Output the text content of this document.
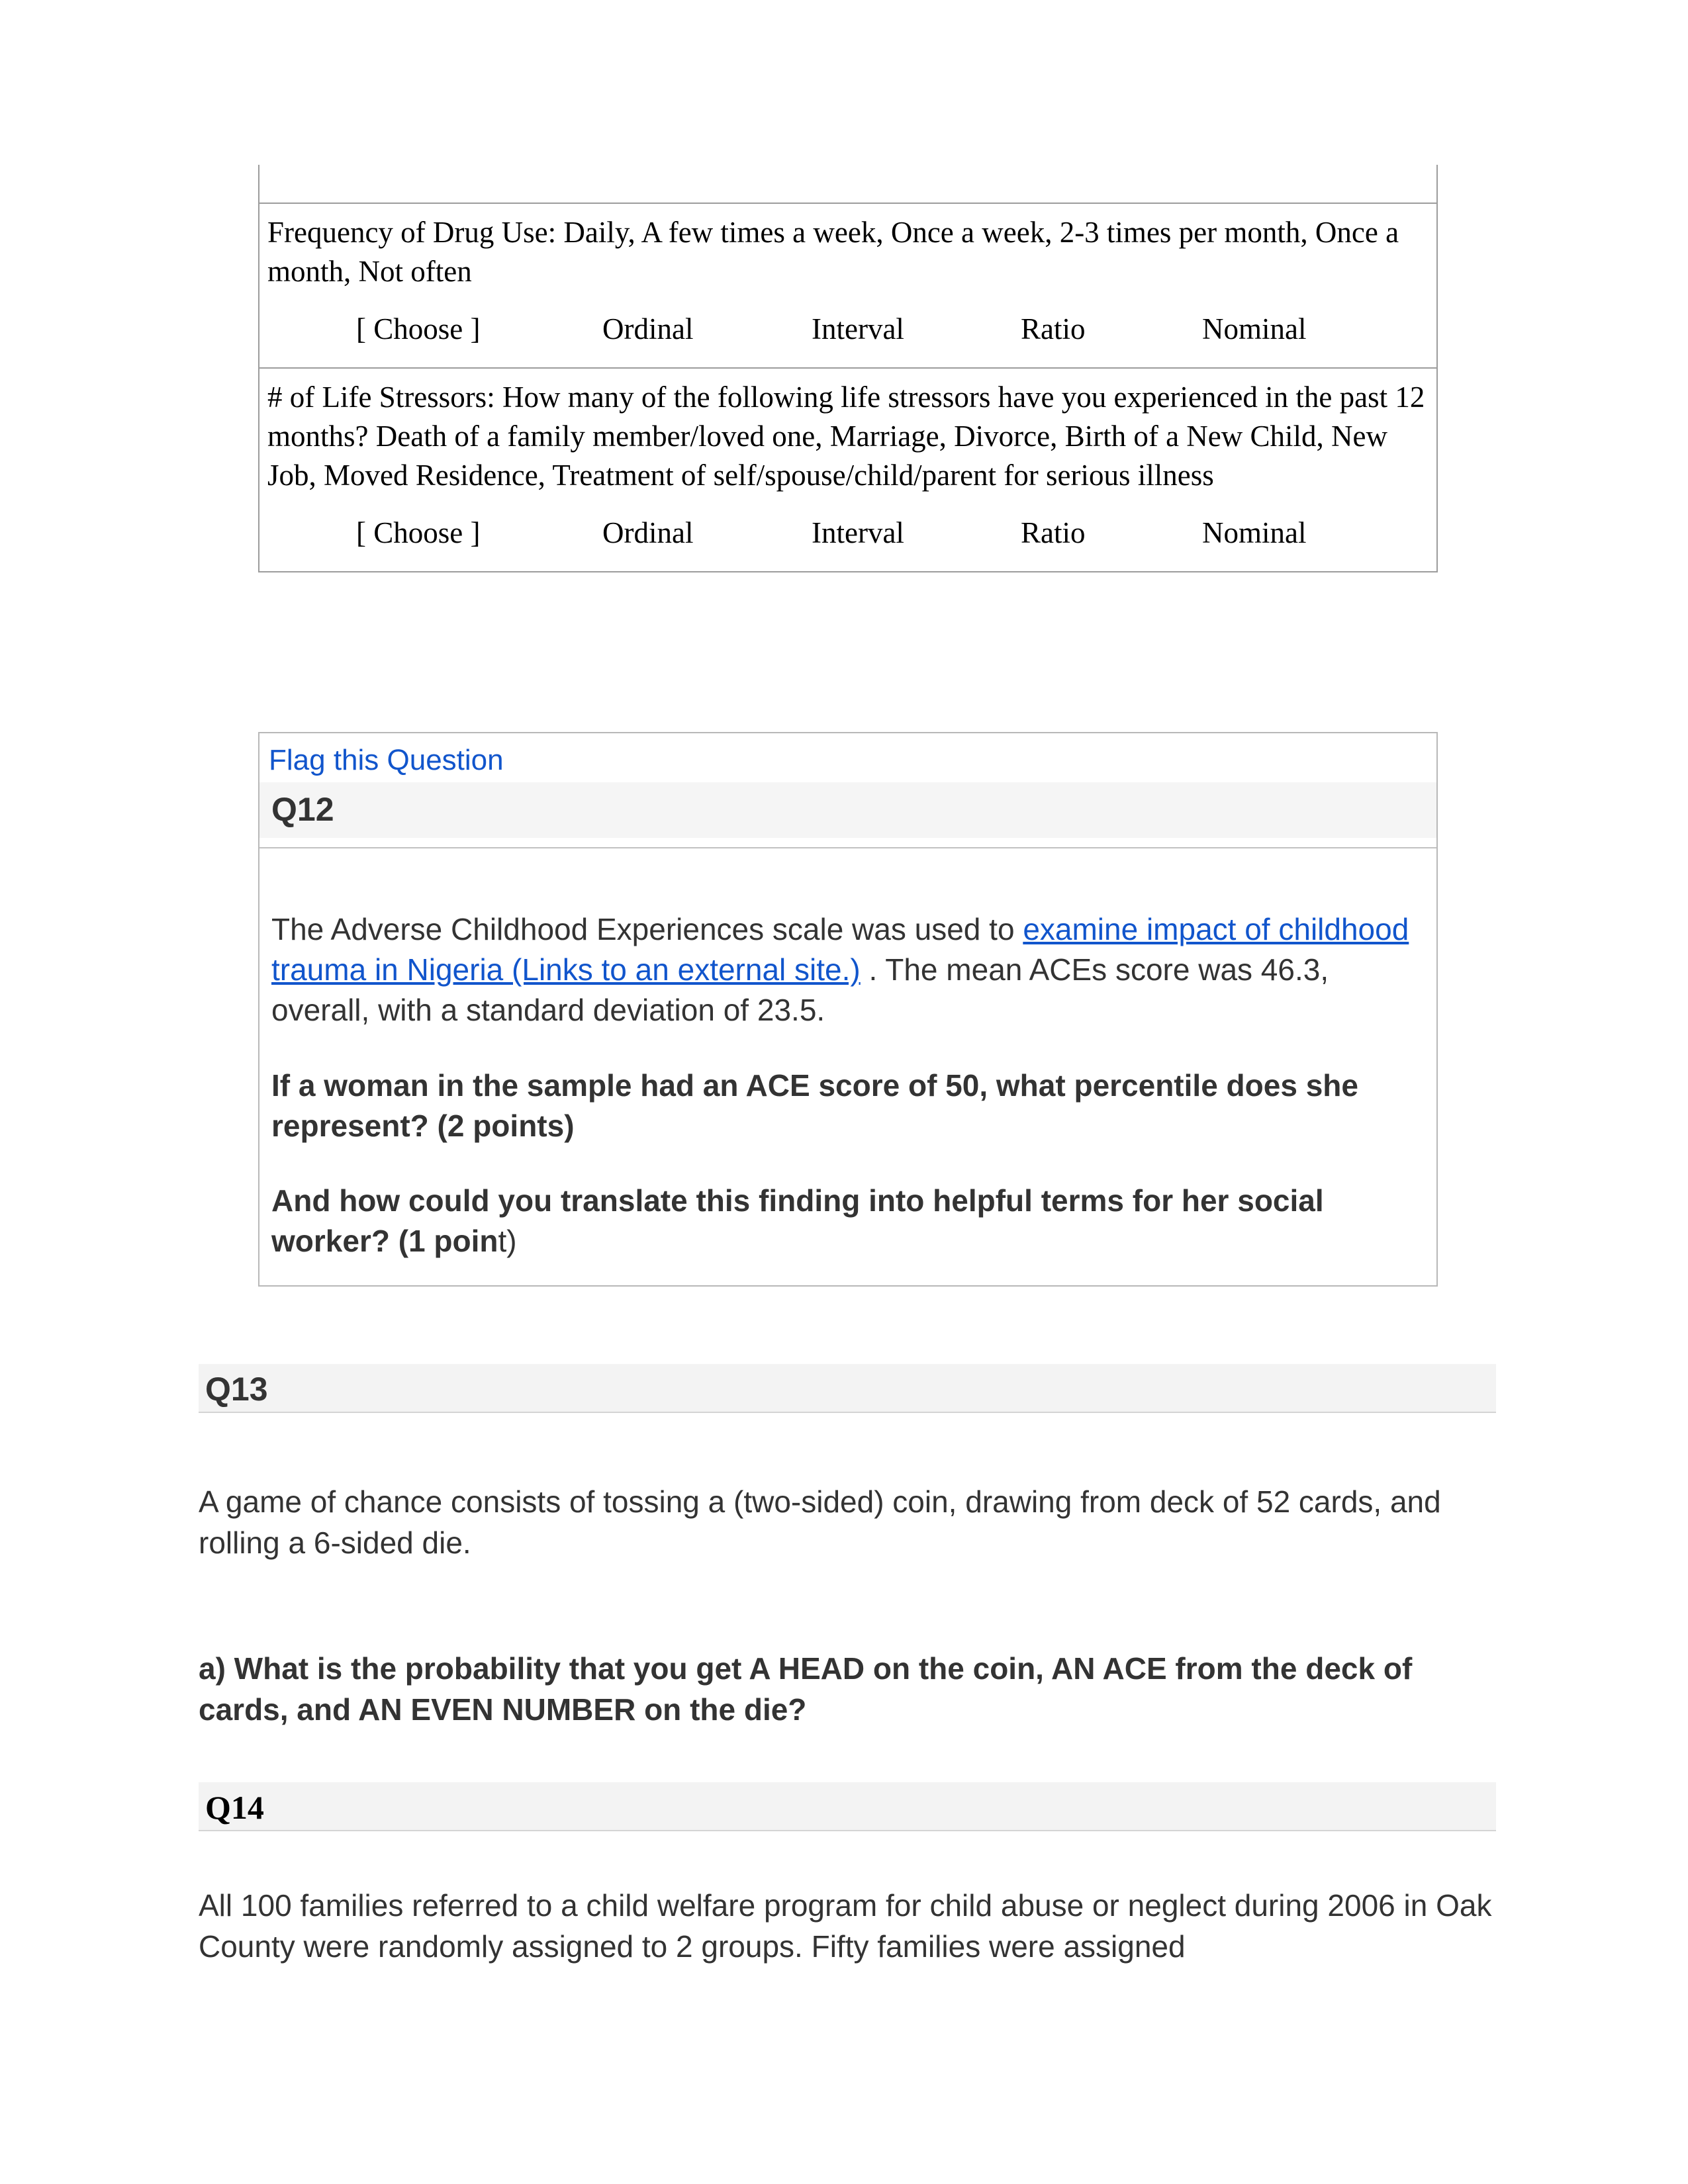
Frequency of Drug Use: Daily, A few times a week, Once a week, 2-3 times per month, Once a month, Not often
[ Choose ]	Ordinal	Interval	Ratio	Nominal
# of Life Stressors: How many of the following life stressors have you experienced in the past 12 months? Death of a family member/loved one, Marriage, Divorce, Birth of a New Child, New Job, Moved Residence, Treatment of self/spouse/child/parent for serious illness
[ Choose ]	Ordinal	Interval	Ratio	Nominal
Flag this Question
Q12

The Adverse Childhood Experiences scale was used to examine impact of childhood trauma in Nigeria (Links to an external site.) . The mean ACEs score was 46.3, overall, with a standard deviation of 23.5.

If a woman in the sample had an ACE score of 50, what percentile does she represent? (2 points)

And how could you translate this finding into helpful terms for her social worker? (1 point)

Q13

A game of chance consists of tossing a (two-sided) coin, drawing from deck of 52 cards, and rolling a 6-sided die.

a) What is the probability that you get A HEAD on the coin, AN ACE from the deck of cards, and AN EVEN NUMBER on the die?

Q14

All 100 families referred to a child welfare program for child abuse or neglect during 2006 in Oak County were randomly assigned to 2 groups. Fifty families were assigned
